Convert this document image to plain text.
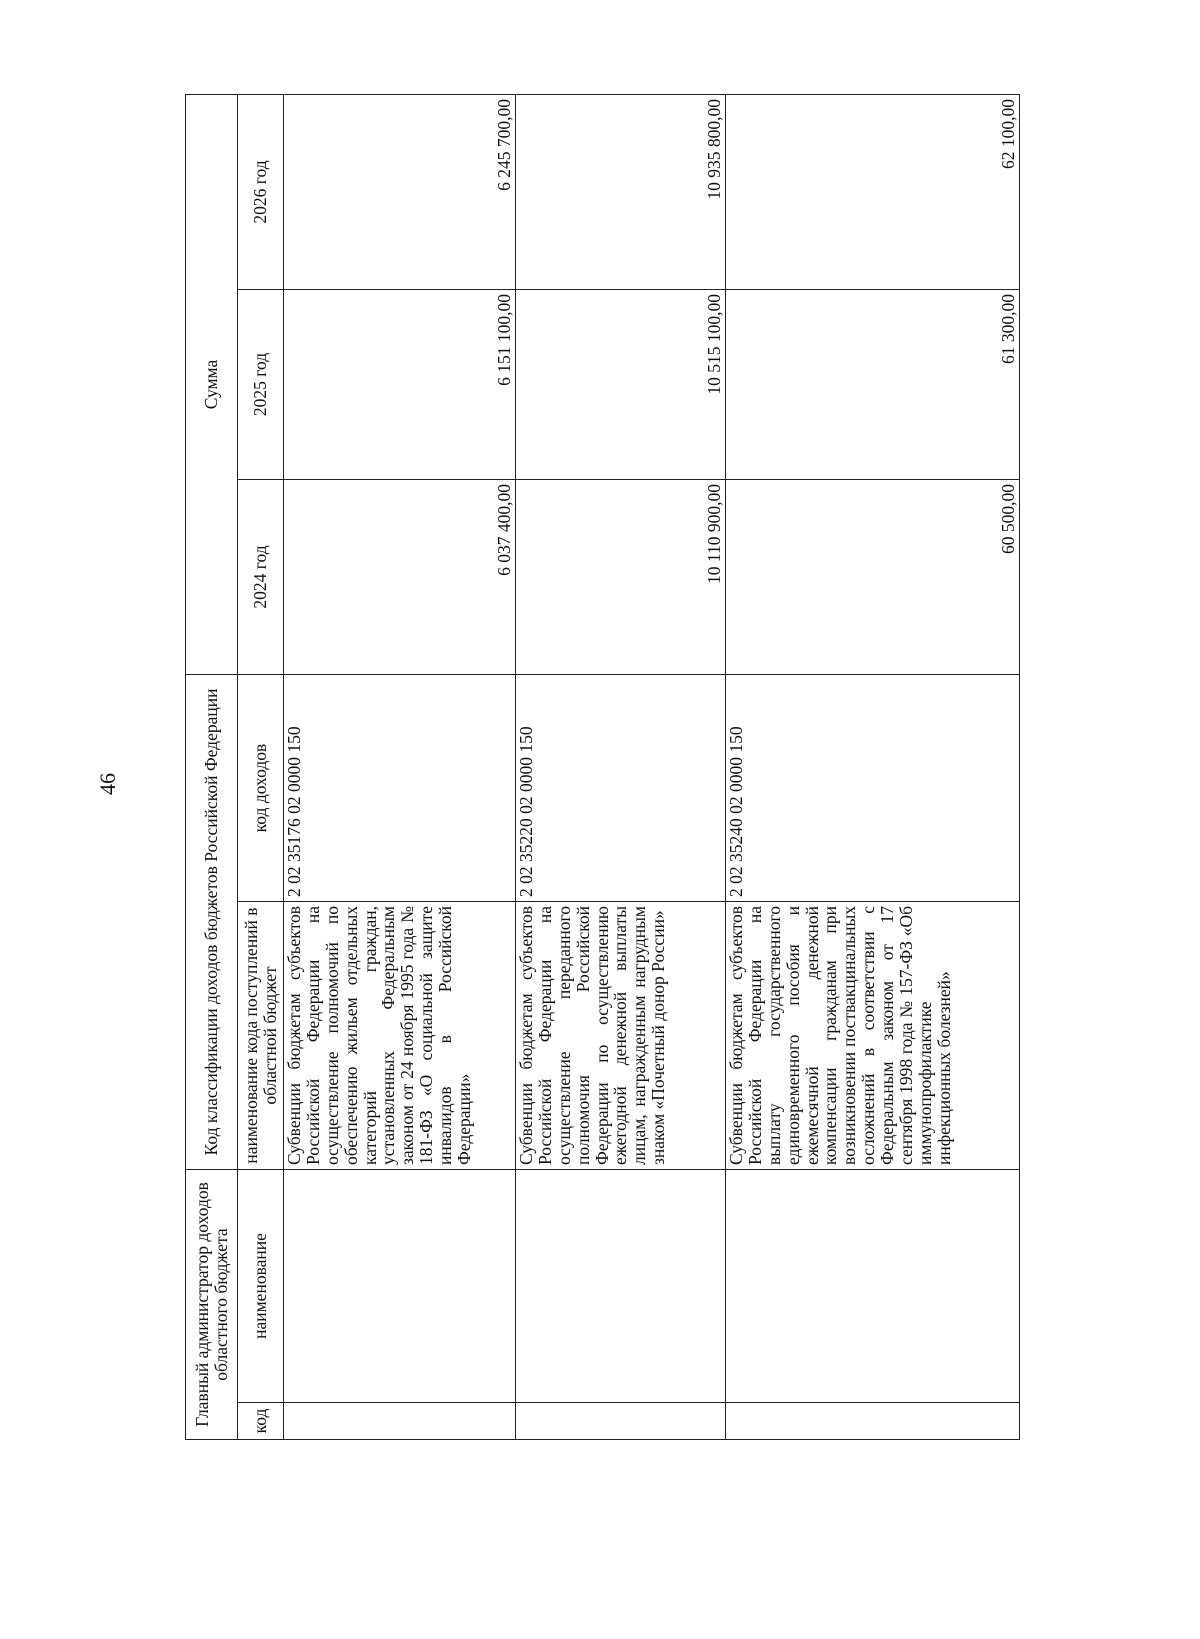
46
Главный администратор доходов областного бюджета		Код классификации доходов бюджетов Российской Федерации		Сумма		
код	наименование	наименование кода поступлений в областной бюджет	код доходов	2024 год	2025 год	2026 год
		Субвенции бюджетам субъектов Российской Федерации на осуществление полномочий по обеспечению жильем отдельных категорий граждан, установленных Федеральным законом от 24 ноября 1995 года № 181-ФЗ «О социальной защите инвалидов в Российской Федерации»	2 02 35176 02 0000 150	6 037 400,00	6 151 100,00	6 245 700,00
		Субвенции бюджетам субъектов Российской Федерации на осуществление переданного полномочия Российской Федерации по осуществлению ежегодной денежной выплаты лицам, награжденным нагрудным знаком «Почетный донор России»	2 02 35220 02 0000 150	10 110 900,00	10 515 100,00	10 935 800,00
		Субвенции бюджетам субъектов Российской Федерации на выплату государственного единовременного пособия и ежемесячной денежной компенсации гражданам при возникновении поствакцинальных осложнений в соответствии с Федеральным законом от 17 сентября 1998 года № 157-ФЗ «Об иммунопрофилактике инфекционных болезней»	2 02 35240 02 0000 150	60 500,00	61 300,00	62 100,00
